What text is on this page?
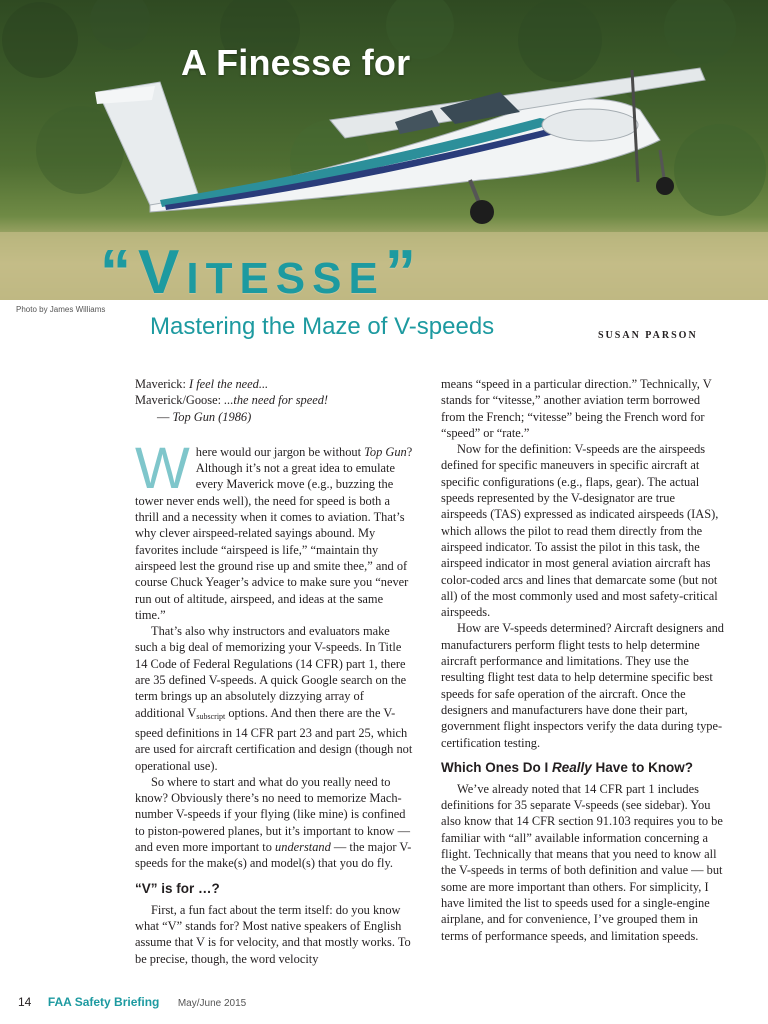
A Finesse for
“VITESSE”
Photo by James Williams
Mastering the Maze of V-speeds	SUSAN PARSON

Maverick: I feel the need...

Maverick/Goose: ...the need for speed!

— Top Gun (1986)

Where would our jargon be without Top Gun? Although it’s not a great idea to emulate every Maverick move (e.g., buzzing the tower never ends well), the need for speed is both a thrill and a necessity when it comes to aviation. That’s why clever airspeed-related sayings abound. My favorites include “airspeed is life,” “maintain thy airspeed lest the ground rise up and smite thee,” and of course Chuck Yeager’s advice to make sure you “never run out of altitude, airspeed, and ideas at the same time.”

That’s also why instructors and evaluators make such a big deal of memorizing your V-speeds. In Title 14 Code of Federal Regulations (14 CFR) part 1, there are 35 defined V-speeds. A quick Google search on the term brings up an absolutely dizzying array of additional $V_{subscript}$ options. And then there are the V-speed definitions in 14 CFR part 23 and part 25, which are used for aircraft certification and design (though not operational use).

So where to start and what do you really need to know? Obviously there’s no need to memorize Mach-number V-speeds if your flying (like mine) is confined to piston-powered planes, but it’s important to know — and even more important to understand — the major V-speeds for the make(s) and model(s) that you do fly.

“V” is for …?

First, a fun fact about the term itself: do you know what “V” stands for? Most native speakers of English assume that V is for velocity, and that mostly works. To be precise, though, the word velocity

means “speed in a particular direction.” Technically, V stands for “vitesse,” another aviation term borrowed from the French; “vitesse” being the French word for “speed” or “rate.”

Now for the definition: V-speeds are the airspeeds defined for specific maneuvers in specific aircraft at specific configurations (e.g., flaps, gear). The actual speeds represented by the V-designator are true airspeeds (TAS) expressed as indicated airspeeds (IAS), which allows the pilot to read them directly from the airspeed indicator. To assist the pilot in this task, the airspeed indicator in most general aviation aircraft has color-coded arcs and lines that demarcate some (but not all) of the most commonly used and most safety-critical airspeeds.

How are V-speeds determined? Aircraft designers and manufacturers perform flight tests to help determine aircraft performance and limitations. They use the resulting flight test data to help determine specific best speeds for safe operation of the aircraft. Once the designers and manufacturers have done their part, government flight inspectors verify the data during type-certification testing.

Which Ones Do I Really Have to Know?

We’ve already noted that 14 CFR part 1 includes definitions for 35 separate V-speeds (see sidebar). You also know that 14 CFR section 91.103 requires you to be familiar with “all” available information concerning a flight. Technically that means that you need to know all the V-speeds in terms of both definition and value — but some are more important than others. For simplicity, I have limited the list to speeds used for a single-engine airplane, and for convenience, I’ve grouped them in terms of performance speeds, and limitation speeds.

14 FAA Safety Briefing May/June 2015
